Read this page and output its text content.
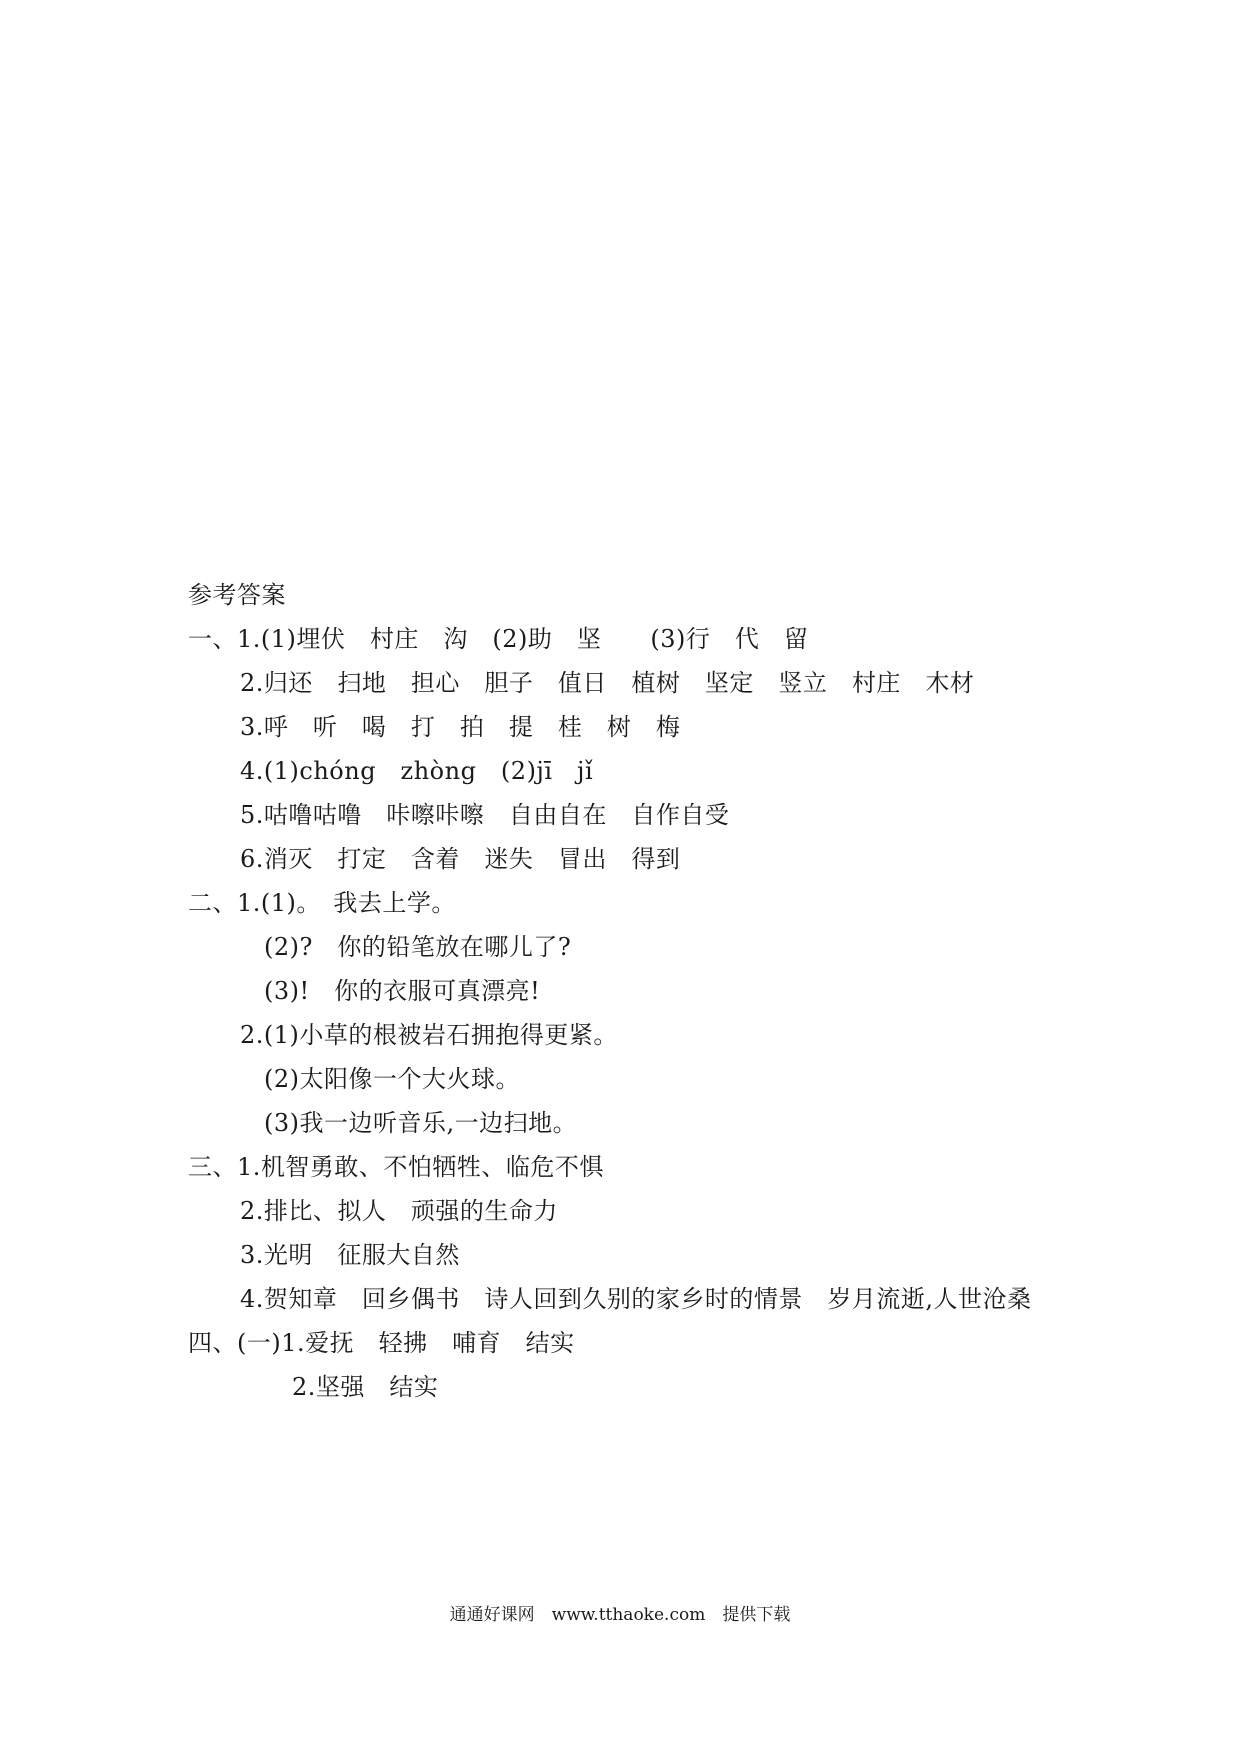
参考答案
一、1.(1)埋伏　村庄　沟　(2)助　坚　　(3)行　代　留
2.归还　扫地　担心　胆子　值日　植树　坚定　竖立　村庄　木材
3.呼　听　喝　打　拍　提　桂　树　梅
4.(1)chóng　zhòng　(2)jī　jǐ
5.咕噜咕噜　咔嚓咔嚓　自由自在　自作自受
6.消灭　打定　含着　迷失　冒出　得到
二、1.(1)。　我去上学。
(2)?　你的铅笔放在哪儿了?
(3)!　你的衣服可真漂亮!
2.(1)小草的根被岩石拥抱得更紧。
(2)太阳像一个大火球。
(3)我一边听音乐,一边扫地。
三、1.机智勇敢、不怕牺牲、临危不惧
2.排比、拟人　顽强的生命力
3.光明　征服大自然
4.贺知章　回乡偶书　诗人回到久别的家乡时的情景　岁月流逝,人世沧桑
四、(一)1.爱抚　轻拂　哺育　结实
2.坚强　结实
通通好课网　www.tthaoke.com　提供下载
